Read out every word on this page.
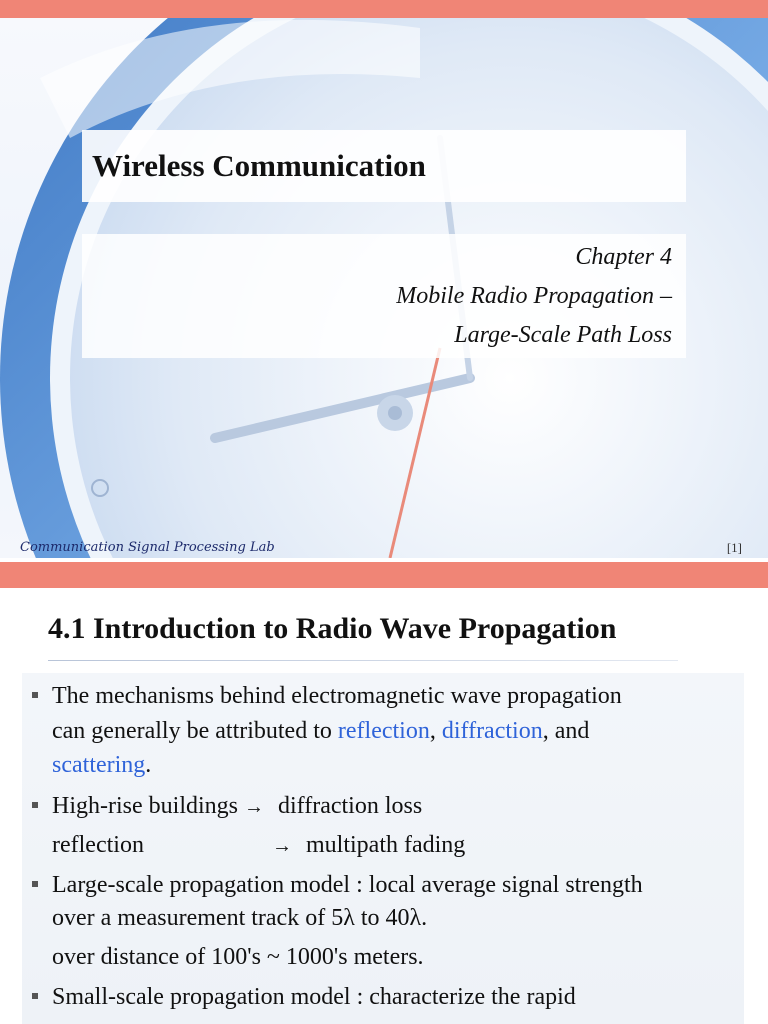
Wireless Communication
Chapter 4
Mobile Radio Propagation –
Large-Scale Path Loss
Communication Signal Processing Lab	[1]
4.1 Introduction to Radio Wave Propagation
The mechanisms behind electromagnetic wave propagation
can generally be attributed to reflection, diffraction, and
scattering.
High-rise buildings → diffraction loss
reflection	→ multipath fading
Large-scale propagation model : local average signal strength
over a measurement track of 5λ to 40λ.
over distance of 100's ~ 1000's meters.
Small-scale propagation model : characterize the rapid
